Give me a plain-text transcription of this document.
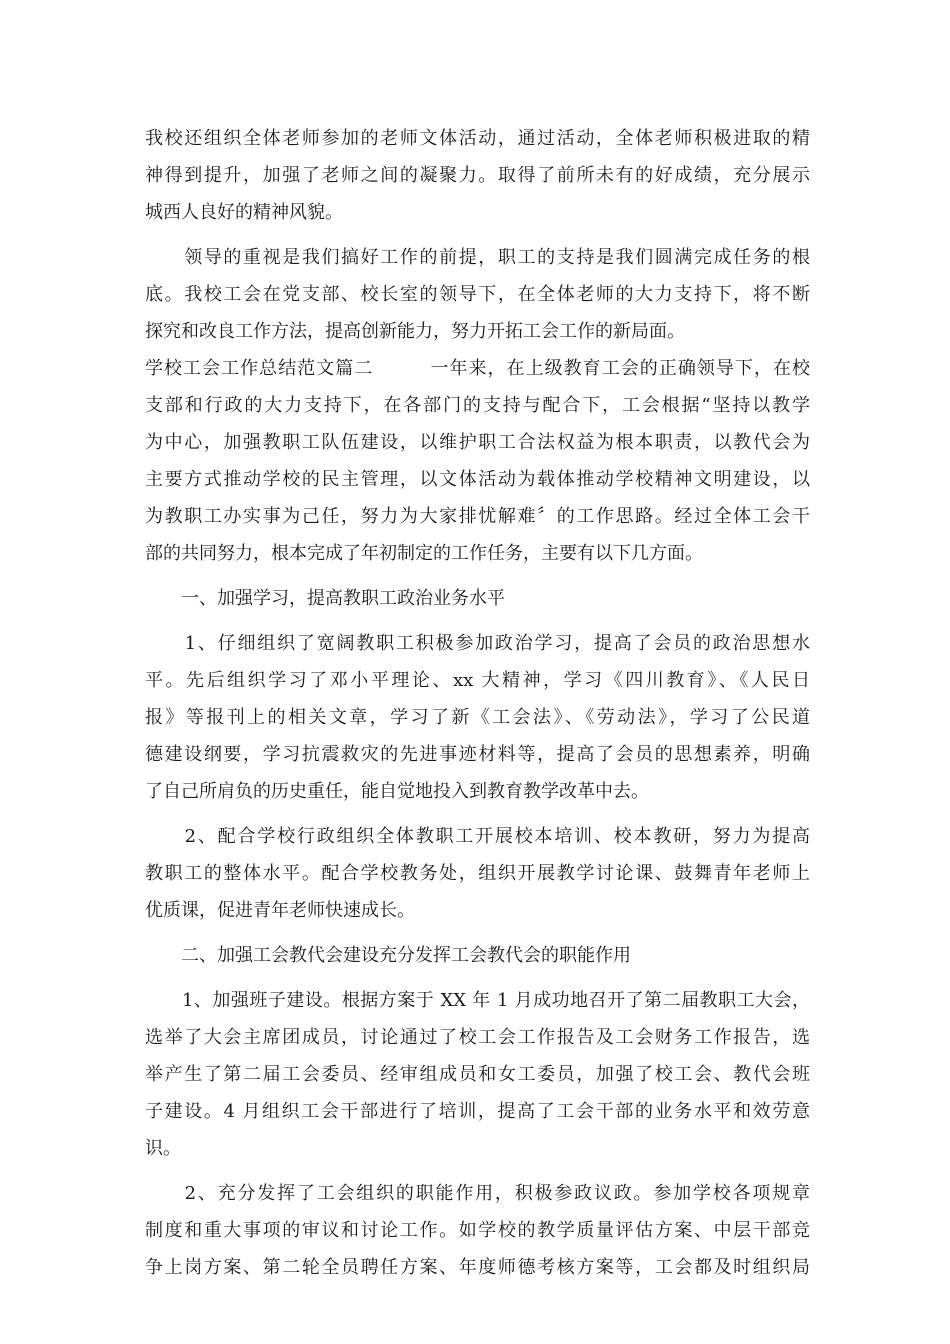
我校还组织全体老师参加的老师文体活动，通过活动，全体老师积极进取的精
神得到提升，加强了老师之间的凝聚力。取得了前所未有的好成绩，充分展示
城西人良好的精神风貌。
　　领导的重视是我们搞好工作的前提，职工的支持是我们圆满完成任务的根
底。我校工会在党支部、校长室的领导下，在全体老师的大力支持下，将不断
探究和改良工作方法，提高创新能力，努力开拓工会工作的新局面。
学校工会工作总结范文篇二　　　一年来，在上级教育工会的正确领导下，在校
支部和行政的大力支持下，在各部门的支持与配合下，工会根据“坚持以教学
为中心，加强教职工队伍建设，以维护职工合法权益为根本职责，以教代会为
主要方式推动学校的民主管理，以文体活动为载体推动学校精神文明建设，以
为教职工办实事为己任，努力为大家排忧解难〞的工作思路。经过全体工会干
部的共同努力，根本完成了年初制定的工作任务，主要有以下几方面。
　　一、加强学习，提高教职工政治业务水平
　　1、仔细组织了宽阔教职工积极参加政治学习，提高了会员的政治思想水
平。先后组织学习了邓小平理论、xx 大精神，学习《四川教育》、《人民日
报》等报刊上的相关文章，学习了新《工会法》、《劳动法》，学习了公民道
德建设纲要，学习抗震救灾的先进事迹材料等，提高了会员的思想素养，明确
了自己所肩负的历史重任，能自觉地投入到教育教学改革中去。
　　2、配合学校行政组织全体教职工开展校本培训、校本教研，努力为提高
教职工的整体水平。配合学校教务处，组织开展教学讨论课、鼓舞青年老师上
优质课，促进青年老师快速成长。
　　二、加强工会教代会建设充分发挥工会教代会的职能作用
　　1、加强班子建设。根据方案于 XX 年 1 月成功地召开了第二届教职工大会，
选举了大会主席团成员，讨论通过了校工会工作报告及工会财务工作报告，选
举产生了第二届工会委员、经审组成员和女工委员，加强了校工会、教代会班
子建设。4 月组织工会干部进行了培训，提高了工会干部的业务水平和效劳意
识。
　　2、充分发挥了工会组织的职能作用，积极参政议政。参加学校各项规章
制度和重大事项的审议和讨论工作。如学校的教学质量评估方案、中层干部竞
争上岗方案、第二轮全员聘任方案、年度师德考核方案等，工会都及时组织局
